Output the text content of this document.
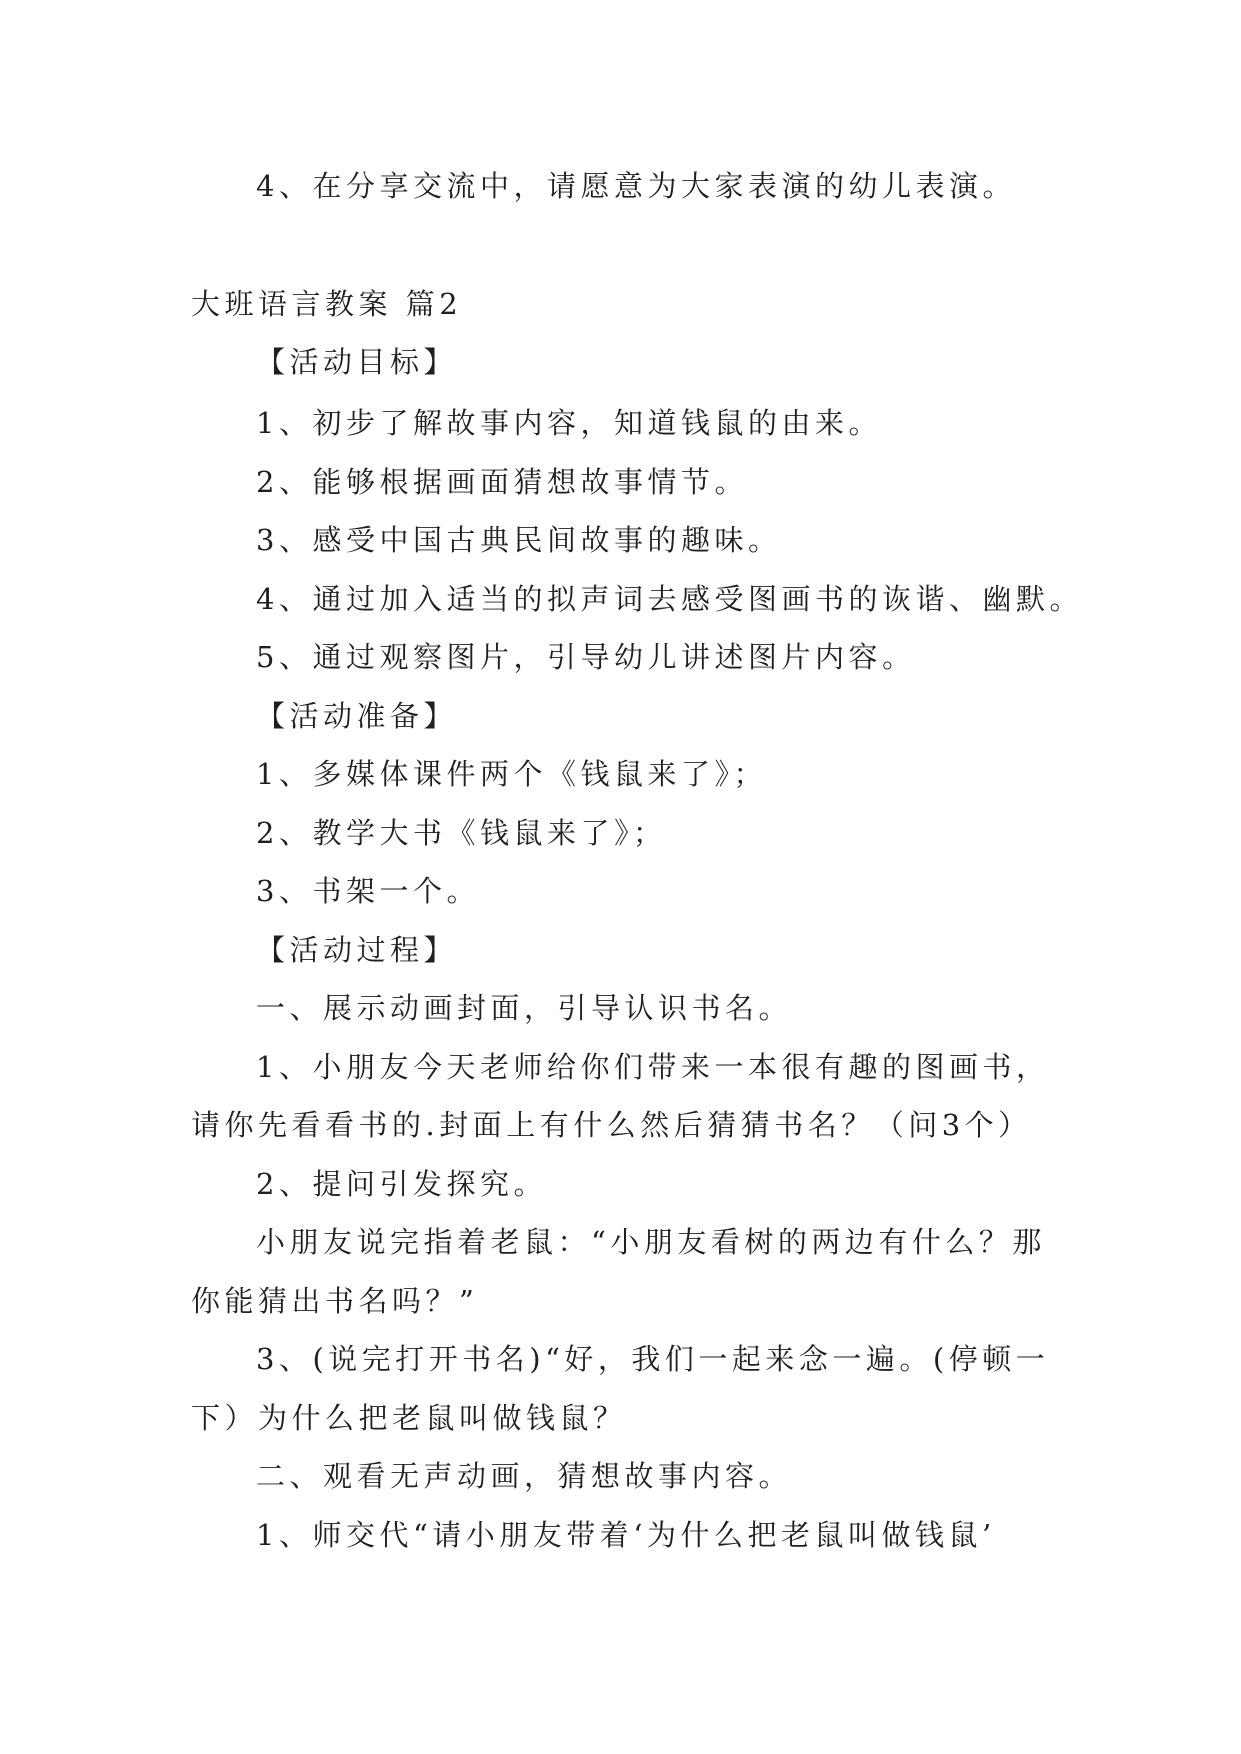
4、在分享交流中，请愿意为大家表演的幼儿表演。
大班语言教案 篇2
【活动目标】
1、初步了解故事内容，知道钱鼠的由来。
2、能够根据画面猜想故事情节。
3、感受中国古典民间故事的趣味。
4、通过加入适当的拟声词去感受图画书的诙谐、幽默。
5、通过观察图片，引导幼儿讲述图片内容。
【活动准备】
1、多媒体课件两个《钱鼠来了》；
2、教学大书《钱鼠来了》；
3、书架一个。
【活动过程】
一、展示动画封面，引导认识书名。
1、小朋友今天老师给你们带来一本很有趣的图画书，
请你先看看书的.封面上有什么然后猜猜书名？（问3个）
2、提问引发探究。
小朋友说完指着老鼠：“小朋友看树的两边有什么？那
你能猜出书名吗？”
3、(说完打开书名)“好，我们一起来念一遍。(停顿一
下）为什么把老鼠叫做钱鼠？
二、观看无声动画，猜想故事内容。
1、师交代“请小朋友带着‘为什么把老鼠叫做钱鼠’
